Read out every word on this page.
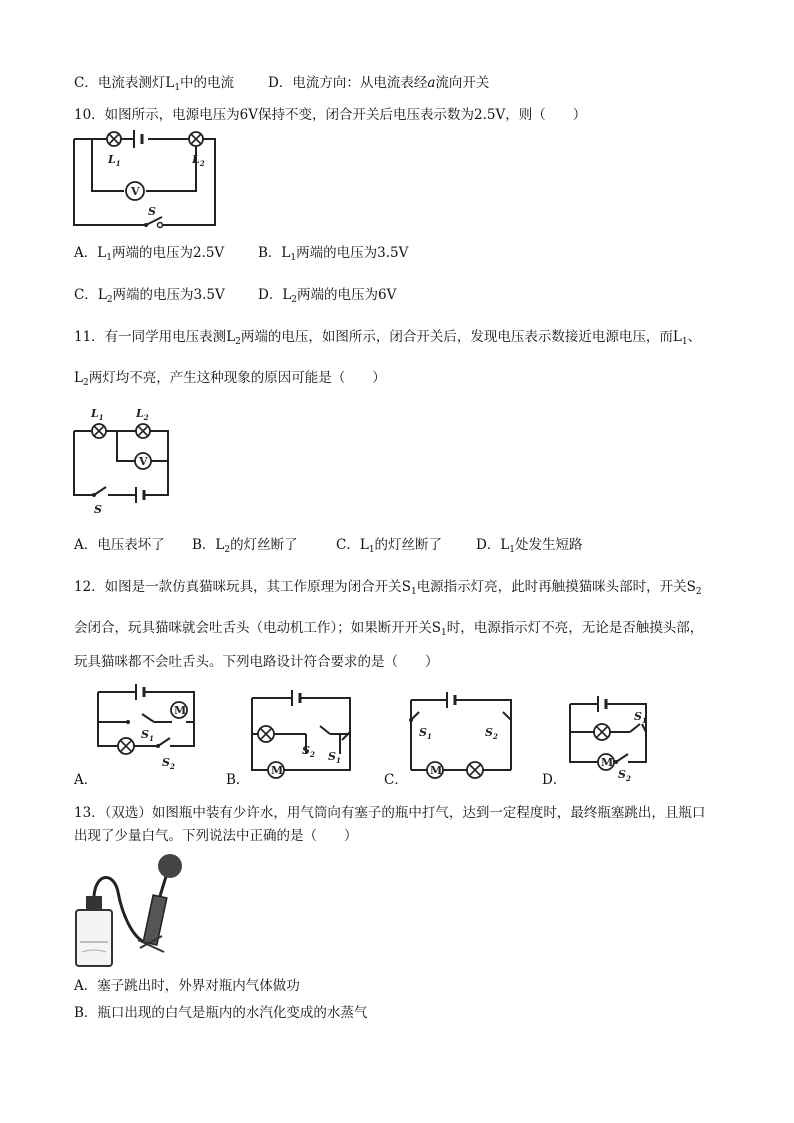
C．电流表测灯$L_1$中的电流	D．电流方向：从电流表经a流向开关
10．如图所示，电源电压为6V保持不变，闭合开关后电压表示数为2.5V，则（　　）
$L_1$	$L_2$
V
S
A．$L_1$两端的电压为2.5V	B．$L_1$两端的电压为3.5V
C．$L_2$两端的电压为3.5V D．$L_2$两端的电压为6V
11．有一同学用电压表测$L_2$两端的电压，如图所示，闭合开关后，发现电压表示数接近电源电压，而$L_1$、
$L_2$两灯均不亮，产生这种现象的原因可能是（　　）
$L_1$	$L_2$
V
S
A．电压表坏了 B．$L_2$的灯丝断了	C．$L_1$的灯丝断了	D．$L_1$处发生短路
12．如图是一款仿真猫咪玩具，其工作原理为闭合开关$S_1$电源指示灯亮，此时再触摸猫咪头部时，开关$S_2$
会闭合，玩具猫咪就会吐舌头（电动机工作）；如果断开开关$S_1$时，电源指示灯不亮，无论是否触摸头部，
玩具猫咪都不会吐舌头。下列电路设计符合要求的是（　　）
M
$S_1$
$S_2$
A．
M
$S_2$ $S_1$
B．
M
$S_1$	$S_2$
C．
M
$S_1$
$S_2$
D．
13．（双选）如图瓶中装有少许水，用气筒向有塞子的瓶中打气，达到一定程度时，最终瓶塞跳出，且瓶口
出现了少量白气。下列说法中正确的是（　　）
A．塞子跳出时，外界对瓶内气体做功
B．瓶口出现的白气是瓶内的水汽化变成的水蒸气
